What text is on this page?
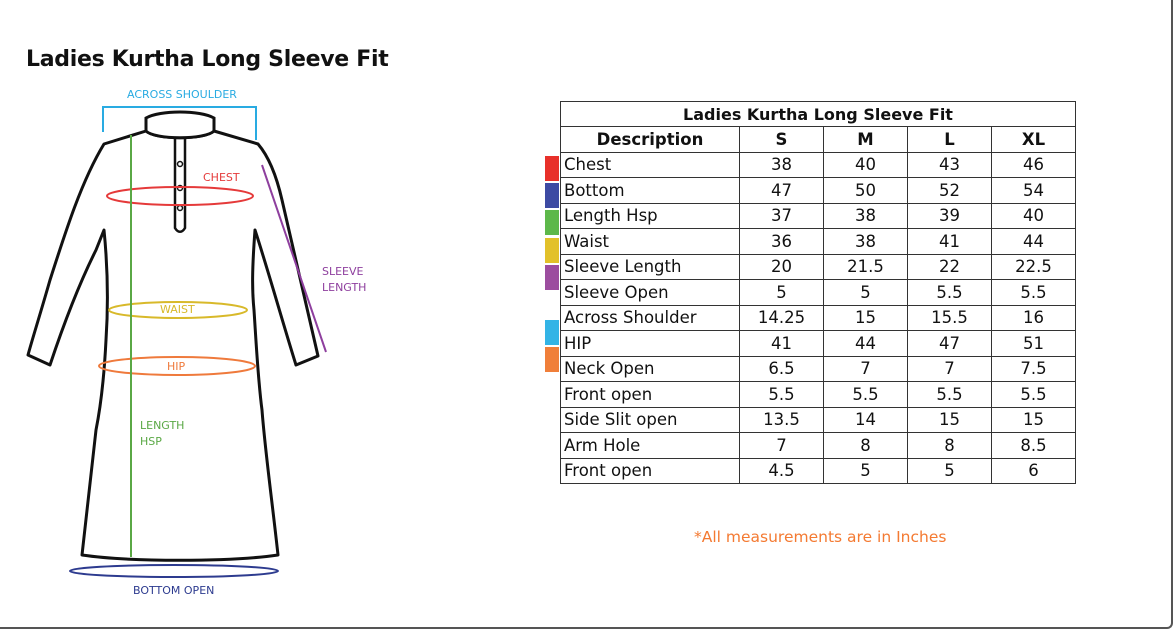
Ladies Kurtha Long Sleeve Fit
ACROSS SHOULDER
CHEST
SLEEVE LENGTH
WAIST
HIP
LENGTH HSP
BOTTOM OPEN
Ladies Kurtha Long Sleeve Fit				
Description	S	M	L	XL
Chest	38	40	43	46
Bottom	47	50	52	54
Length Hsp	37	38	39	40
Waist	36	38	41	44
Sleeve Length	20	21.5	22	22.5
Sleeve Open	5	5	5.5	5.5
Across Shoulder	14.25	15	15.5	16
HIP	41	44	47	51
Neck Open	6.5	7	7	7.5
Front open	5.5	5.5	5.5	5.5
Side Slit open	13.5	14	15	15
Arm Hole	7	8	8	8.5
Front open	4.5	5	5	6
*All measurements are in Inches
